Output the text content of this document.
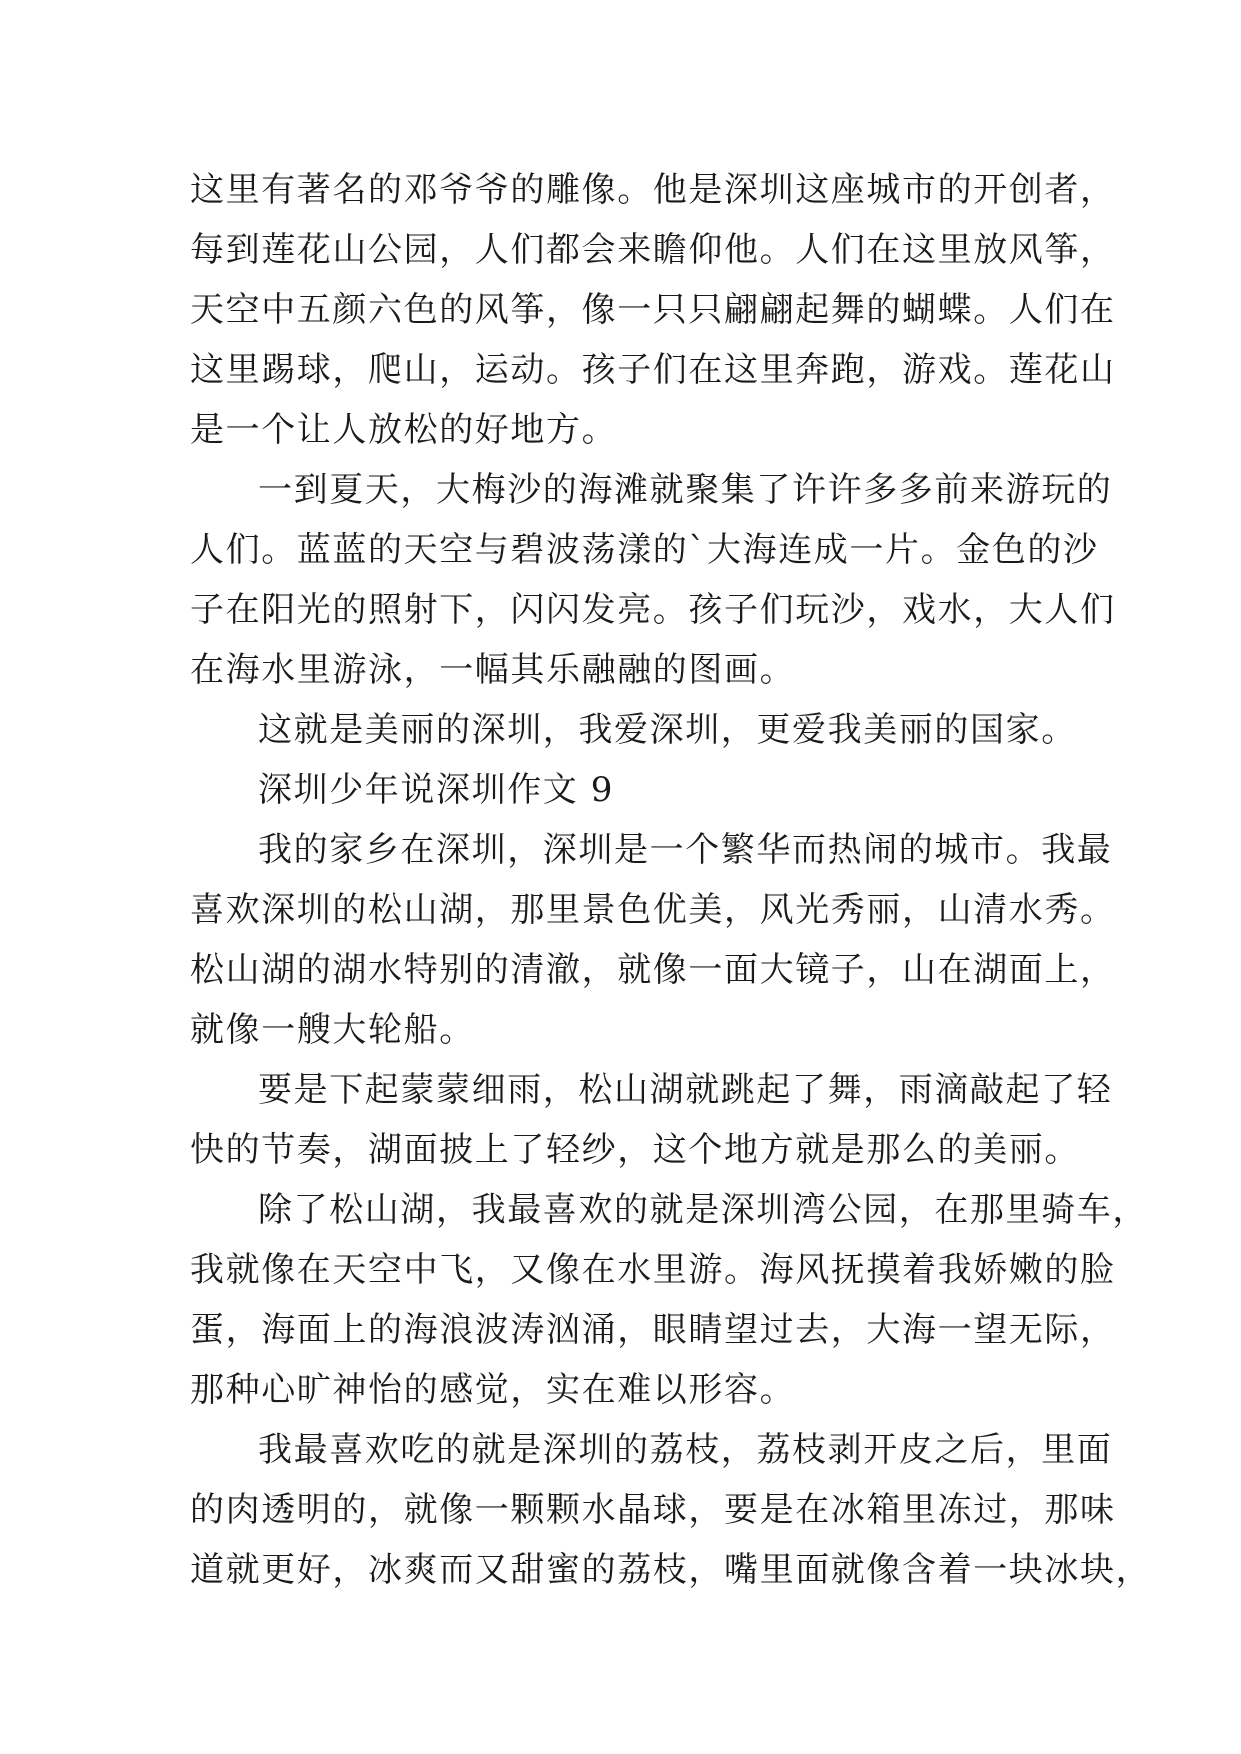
这里有著名的邓爷爷的雕像。他是深圳这座城市的开创者，
每到莲花山公园，人们都会来瞻仰他。人们在这里放风筝，
天空中五颜六色的风筝，像一只只翩翩起舞的蝴蝶。人们在
这里踢球，爬山，运动。孩子们在这里奔跑，游戏。莲花山
是一个让人放松的好地方。
一到夏天，大梅沙的海滩就聚集了许许多多前来游玩的
人们。蓝蓝的天空与碧波荡漾的`大海连成一片。金色的沙
子在阳光的照射下，闪闪发亮。孩子们玩沙，戏水，大人们
在海水里游泳，一幅其乐融融的图画。
这就是美丽的深圳，我爱深圳，更爱我美丽的国家。
深圳少年说深圳作文 9
我的家乡在深圳，深圳是一个繁华而热闹的城市。我最
喜欢深圳的松山湖，那里景色优美，风光秀丽，山清水秀。
松山湖的湖水特别的清澈，就像一面大镜子，山在湖面上，
就像一艘大轮船。
要是下起蒙蒙细雨，松山湖就跳起了舞，雨滴敲起了轻
快的节奏，湖面披上了轻纱，这个地方就是那么的美丽。
除了松山湖，我最喜欢的就是深圳湾公园，在那里骑车，
我就像在天空中飞，又像在水里游。海风抚摸着我娇嫩的脸
蛋，海面上的海浪波涛汹涌，眼睛望过去，大海一望无际，
那种心旷神怡的感觉，实在难以形容。
我最喜欢吃的就是深圳的荔枝，荔枝剥开皮之后，里面
的肉透明的，就像一颗颗水晶球，要是在冰箱里冻过，那味
道就更好，冰爽而又甜蜜的荔枝，嘴里面就像含着一块冰块，
